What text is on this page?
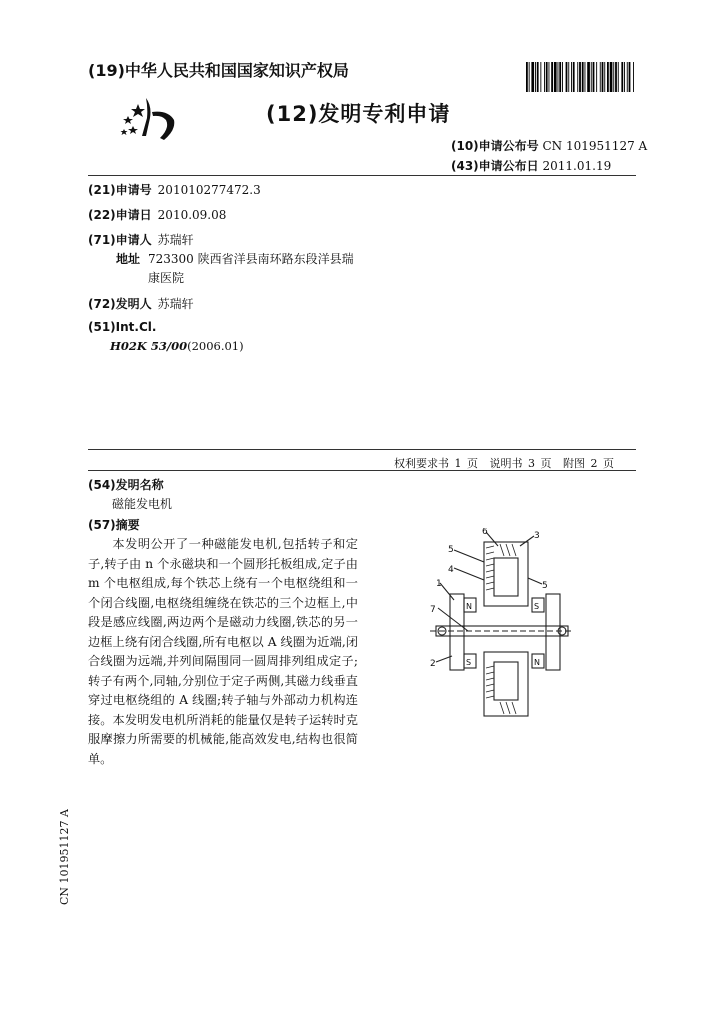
(19)中华人民共和国国家知识产权局
(12)发明专利申请
(10)申请公布号 CN 101951127 A
(43)申请公布日 2011.01.19
(21)申请号 201010277472.3
(22)申请日 2010.09.08
(71)申请人 苏瑞轩
地址 723300 陕西省洋县南环路东段洋县瑞康医院
(72)发明人 苏瑞轩
(51)Int.Cl.
H02K 53/00(2006.01)
权利要求书 1 页 说明书 3 页 附图 2 页
(54)发明名称
磁能发电机
(57)摘要
本发明公开了一种磁能发电机,包括转子和定子,转子由 n 个永磁块和一个圆形托板组成,定子由 m 个电枢组成,每个铁芯上绕有一个电枢绕组和一个闭合线圈,电枢绕组缠绕在铁芯的三个边框上,中段是感应线圈,两边两个是磁动力线圈,铁芯的另一边框上绕有闭合线圈,所有电枢以 A 线圈为近端,闭合线圈为远端,并列间隔围同一圆周排列组成定子;转子有两个,同轴,分别位于定子两侧,其磁力线垂直穿过电枢绕组的 A 线圈;转子轴与外部动力机构连接。本发明发电机所消耗的能量仅是转子运转时克服摩擦力所需要的机械能,能高效发电,结构也很简单。
6	3
5
4
5
1
7
2
N	S
S	N
CN 101951127 A
